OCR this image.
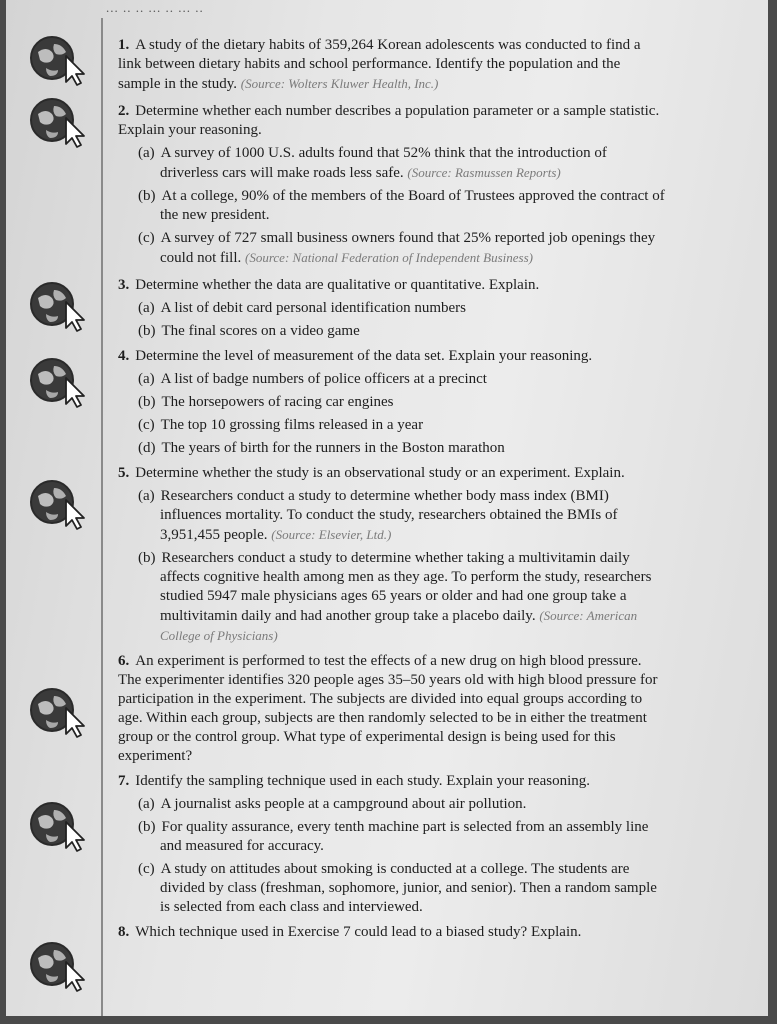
... .. .. ... .. ... ..
1. A study of the dietary habits of 359,264 Korean adolescents was conducted to find a link between dietary habits and school performance. Identify the population and the sample in the study. (Source: Wolters Kluwer Health, Inc.)
2. Determine whether each number describes a population parameter or a sample statistic. Explain your reasoning.
(a) A survey of 1000 U.S. adults found that 52% think that the introduction of driverless cars will make roads less safe. (Source: Rasmussen Reports)
(b) At a college, 90% of the members of the Board of Trustees approved the contract of the new president.
(c) A survey of 727 small business owners found that 25% reported job openings they could not fill. (Source: National Federation of Independent Business)
3. Determine whether the data are qualitative or quantitative. Explain.
(a) A list of debit card personal identification numbers
(b) The final scores on a video game
4. Determine the level of measurement of the data set. Explain your reasoning.
(a) A list of badge numbers of police officers at a precinct
(b) The horsepowers of racing car engines
(c) The top 10 grossing films released in a year
(d) The years of birth for the runners in the Boston marathon
5. Determine whether the study is an observational study or an experiment. Explain.
(a) Researchers conduct a study to determine whether body mass index (BMI) influences mortality. To conduct the study, researchers obtained the BMIs of 3,951,455 people. (Source: Elsevier, Ltd.)
(b) Researchers conduct a study to determine whether taking a multivitamin daily affects cognitive health among men as they age. To perform the study, researchers studied 5947 male physicians ages 65 years or older and had one group take a multivitamin daily and had another group take a placebo daily. (Source: American College of Physicians)
6. An experiment is performed to test the effects of a new drug on high blood pressure. The experimenter identifies 320 people ages 35–50 years old with high blood pressure for participation in the experiment. The subjects are divided into equal groups according to age. Within each group, subjects are then randomly selected to be in either the treatment group or the control group. What type of experimental design is being used for this experiment?
7. Identify the sampling technique used in each study. Explain your reasoning.
(a) A journalist asks people at a campground about air pollution.
(b) For quality assurance, every tenth machine part is selected from an assembly line and measured for accuracy.
(c) A study on attitudes about smoking is conducted at a college. The students are divided by class (freshman, sophomore, junior, and senior). Then a random sample is selected from each class and interviewed.
8. Which technique used in Exercise 7 could lead to a biased study? Explain.
